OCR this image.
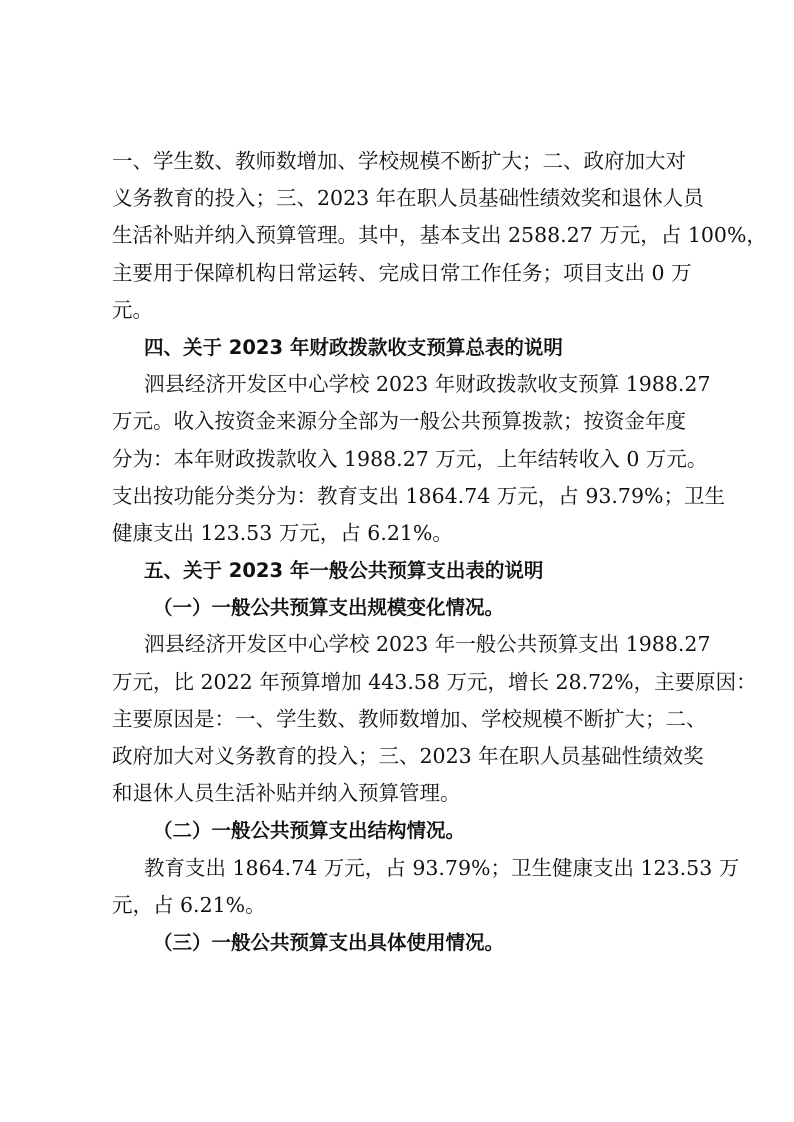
一、学生数、教师数增加、学校规模不断扩大；二、政府加大对
义务教育的投入；三、2023 年在职人员基础性绩效奖和退休人员
生活补贴并纳入预算管理。其中，基本支出 2588.27 万元，占 100%，
主要用于保障机构日常运转、完成日常工作任务；项目支出 0 万
元。
四、关于 2023 年财政拨款收支预算总表的说明
泗县经济开发区中心学校 2023 年财政拨款收支预算 1988.27
万元。收入按资金来源分全部为一般公共预算拨款；按资金年度
分为：本年财政拨款收入 1988.27 万元，上年结转收入 0 万元。
支出按功能分类分为：教育支出 1864.74 万元，占 93.79%；卫生
健康支出 123.53 万元，占 6.21%。
五、关于 2023 年一般公共预算支出表的说明
（一）一般公共预算支出规模变化情况。
泗县经济开发区中心学校 2023 年一般公共预算支出 1988.27
万元，比 2022 年预算增加 443.58 万元，增长 28.72%，主要原因：
主要原因是：一、学生数、教师数增加、学校规模不断扩大；二、
政府加大对义务教育的投入；三、2023 年在职人员基础性绩效奖
和退休人员生活补贴并纳入预算管理。
（二）一般公共预算支出结构情况。
教育支出 1864.74 万元，占 93.79%；卫生健康支出 123.53 万
元，占 6.21%。
（三）一般公共预算支出具体使用情况。
